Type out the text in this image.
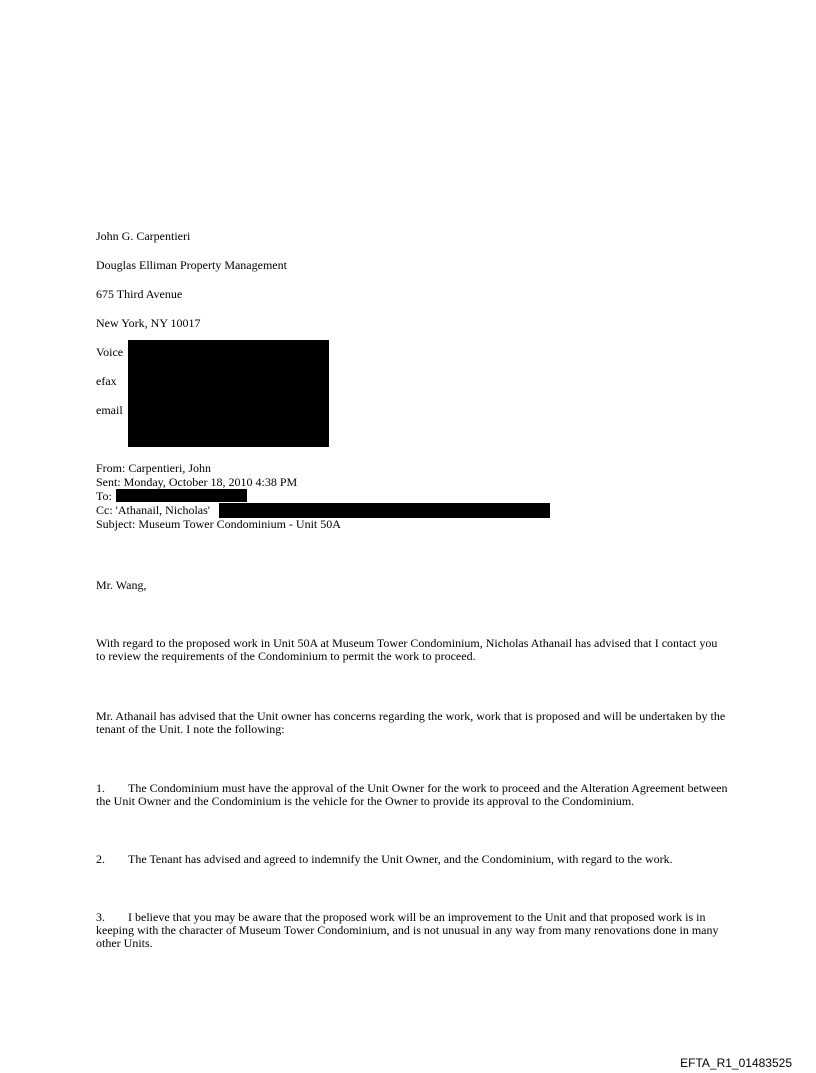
John G. Carpentieri
Douglas Elliman Property Management
675 Third Avenue
New York, NY 10017
Voice
efax
email
From: Carpentieri, John
Sent: Monday, October 18, 2010 4:38 PM
To:
Cc: 'Athanail, Nicholas'
Subject: Museum Tower Condominium - Unit 50A
Mr. Wang,
With regard to the proposed work in Unit 50A at Museum Tower Condominium, Nicholas Athanail has advised that I contact you to review the requirements of the Condominium to permit the work to proceed.
Mr. Athanail has advised that the Unit owner has concerns regarding the work, work that is proposed and will be undertaken by the tenant of the Unit. I note the following:
1. The Condominium must have the approval of the Unit Owner for the work to proceed and the Alteration Agreement between the Unit Owner and the Condominium is the vehicle for the Owner to provide its approval to the Condominium.
2. The Tenant has advised and agreed to indemnify the Unit Owner, and the Condominium, with regard to the work.
3. I believe that you may be aware that the proposed work will be an improvement to the Unit and that proposed work is in keeping with the character of Museum Tower Condominium, and is not unusual in any way from many renovations done in many other Units.
EFTA_R1_01483525
